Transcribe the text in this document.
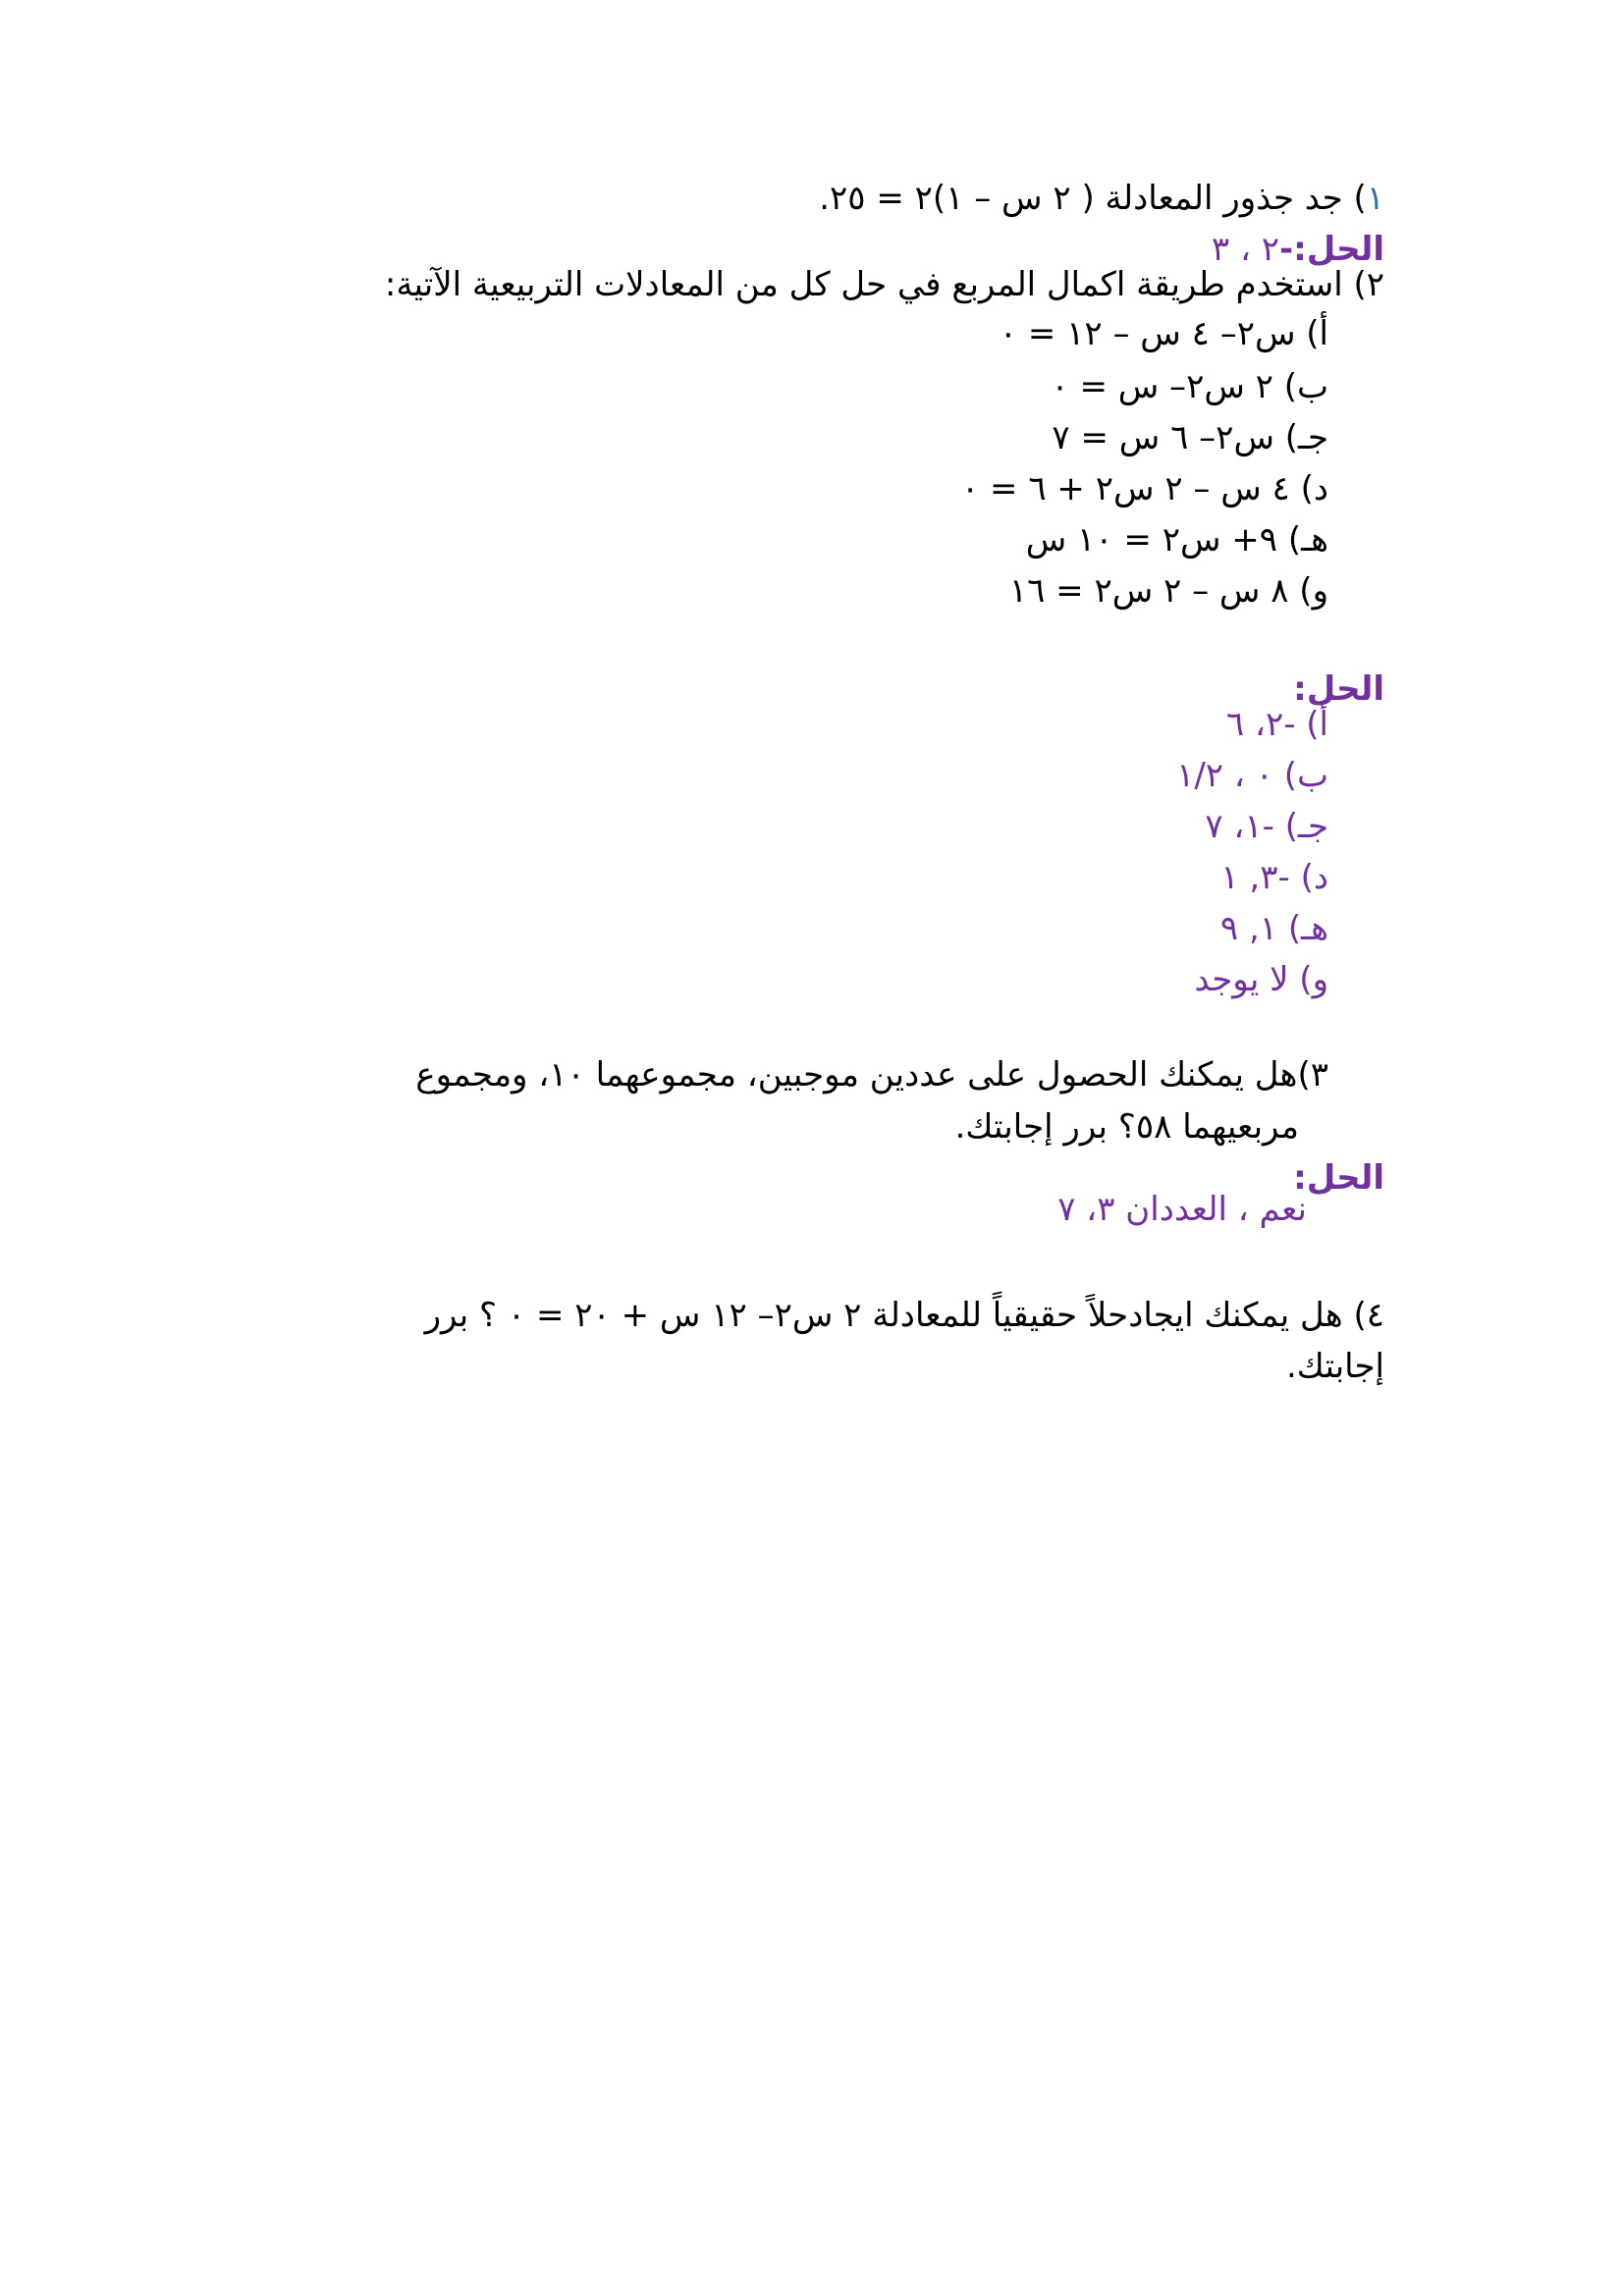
١) جد جذور المعادلة ( ٢ س – ١)٢ = ٢٥.
الحل:-٢ ، ٣
٢) استخدم طريقة اكمال المربع في حل كل من المعادلات التربيعية الآتية:
أ) س٢– ٤ س – ١٢ = ٠
ب) ٢ س٢– س = ٠
جـ) س٢– ٦ س = ٧
د) ٤ س – ٢ س٢ + ٦ = ٠
هـ) ٩+ س٢ = ١٠ س
و) ٨ س – ٢ س٢ = ١٦
الحل:
أ) -٢، ٦
ب) ٠ ، ١/٢
جـ) -١، ٧
د) -٣, ١
هـ) ١, ٩
و) لا يوجد
٣)هل يمكنك الحصول على عددين موجبين، مجموعهما ١٠، ومجموع
مربعيهما ٥٨؟ برر إجابتك.
الحل:
نعم ، العددان ٣، ٧
٤) هل يمكنك ايجادحلاً حقيقياً للمعادلة ٢ س٢– ١٢ س + ٢٠ = ٠ ؟ برر
إجابتك.
